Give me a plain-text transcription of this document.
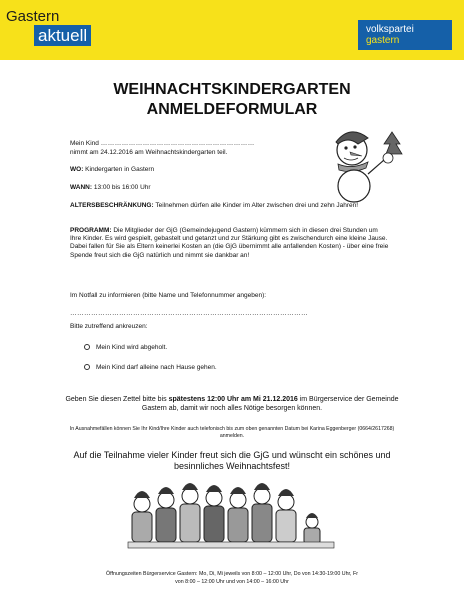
Gastern
aktuell	volkspartei
gastern
WEIHNACHTSKINDERGARTEN
ANMELDEFORMULAR
Mein Kind …………………………………………………………
nimmt am 24.12.2016 am Weihnachtskindergarten teil.
WO: Kindergarten in Gastern
WANN: 13:00 bis 16:00 Uhr
ALTERSBESCHRÄNKUNG: Teilnehmen dürfen alle Kinder im Alter zwischen drei und zehn Jahren!
PROGRAMM: Die Mitglieder der GjG (Gemeindejugend Gastern) kümmern sich in diesen drei Stunden um Ihre Kinder. Es wird gespielt, gebastelt und getanzt und zur Stärkung gibt es zwischendurch eine kleine Jause. Dabei fallen für Sie als Eltern keinerlei Kosten an (die GjG übernimmt alle anfallenden Kosten) - über eine freie Spende freut sich die GjG natürlich und nimmt sie dankbar an!
Im Notfall zu informieren (bitte Name und Telefonnummer angeben):
…………………………………………………………………………………………
Bitte zutreffend ankreuzen:
Mein Kind wird abgeholt.
Mein Kind darf alleine nach Hause gehen.
Geben Sie diesen Zettel bitte bis spätestens 12:00 Uhr am Mi 21.12.2016 im Bürgerservice der Gemeinde Gastern ab, damit wir noch alles Nötige besorgen können.
In Ausnahmefällen können Sie Ihr Kind/Ihre Kinder auch telefonisch bis zum oben genannten Datum bei Karina Eggenberger (0664/2617268) anmelden.
Auf die Teilnahme vieler Kinder freut sich die GjG und wünscht ein schönes und besinnliches Weihnachtsfest!
Öffnungszeiten Bürgerservice Gastern: Mo, Di, Mi jeweils von 8:00 – 12:00 Uhr, Do von 14:30-19:00 Uhr, Fr
von 8:00 – 12:00 Uhr und von 14:00 – 16:00 Uhr
